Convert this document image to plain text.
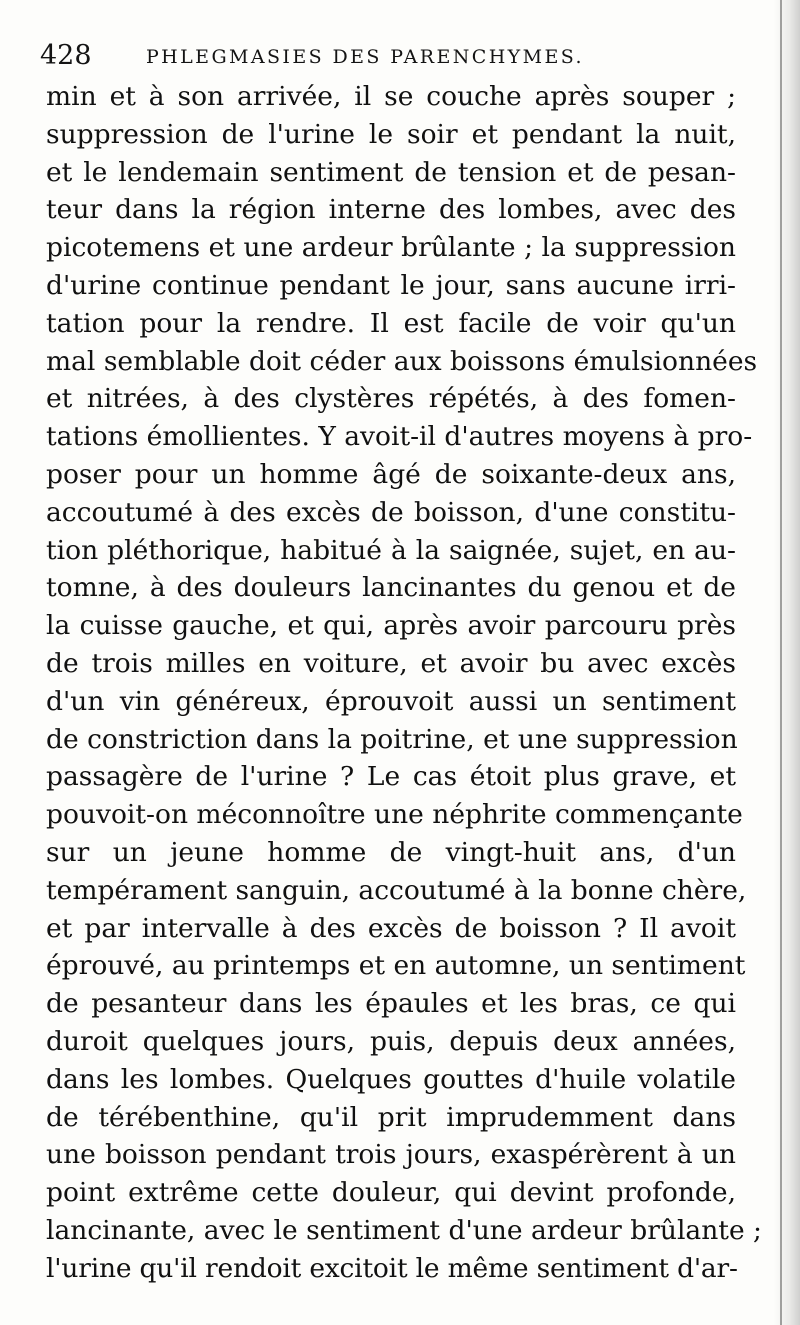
428	PHLEGMASIES DES PARENCHYMES.
min et à son arrivée, il se couche après souper ;
suppression de l'urine le soir et pendant la nuit,
et le lendemain sentiment de tension et de pesan-
teur dans la région interne des lombes, avec des
picotemens et une ardeur brûlante ; la suppression
d'urine continue pendant le jour, sans aucune irri-
tation pour la rendre. Il est facile de voir qu'un
mal semblable doit céder aux boissons émulsionnées
et nitrées, à des clystères répétés, à des fomen-
tations émollientes. Y avoit-il d'autres moyens à pro-
poser pour un homme âgé de soixante-deux ans,
accoutumé à des excès de boisson, d'une constitu-
tion pléthorique, habitué à la saignée, sujet, en au-
tomne, à des douleurs lancinantes du genou et de
la cuisse gauche, et qui, après avoir parcouru près
de trois milles en voiture, et avoir bu avec excès
d'un vin généreux, éprouvoit aussi un sentiment
de constriction dans la poitrine, et une suppression
passagère de l'urine ? Le cas étoit plus grave, et
pouvoit-on méconnoître une néphrite commençante
sur un jeune homme de vingt-huit ans, d'un
tempérament sanguin, accoutumé à la bonne chère,
et par intervalle à des excès de boisson ? Il avoit
éprouvé, au printemps et en automne, un sentiment
de pesanteur dans les épaules et les bras, ce qui
duroit quelques jours, puis, depuis deux années,
dans les lombes. Quelques gouttes d'huile volatile
de térébenthine, qu'il prit imprudemment dans
une boisson pendant trois jours, exaspérèrent à un
point extrême cette douleur, qui devint profonde,
lancinante, avec le sentiment d'une ardeur brûlante ;
l'urine qu'il rendoit excitoit le même sentiment d'ar-
